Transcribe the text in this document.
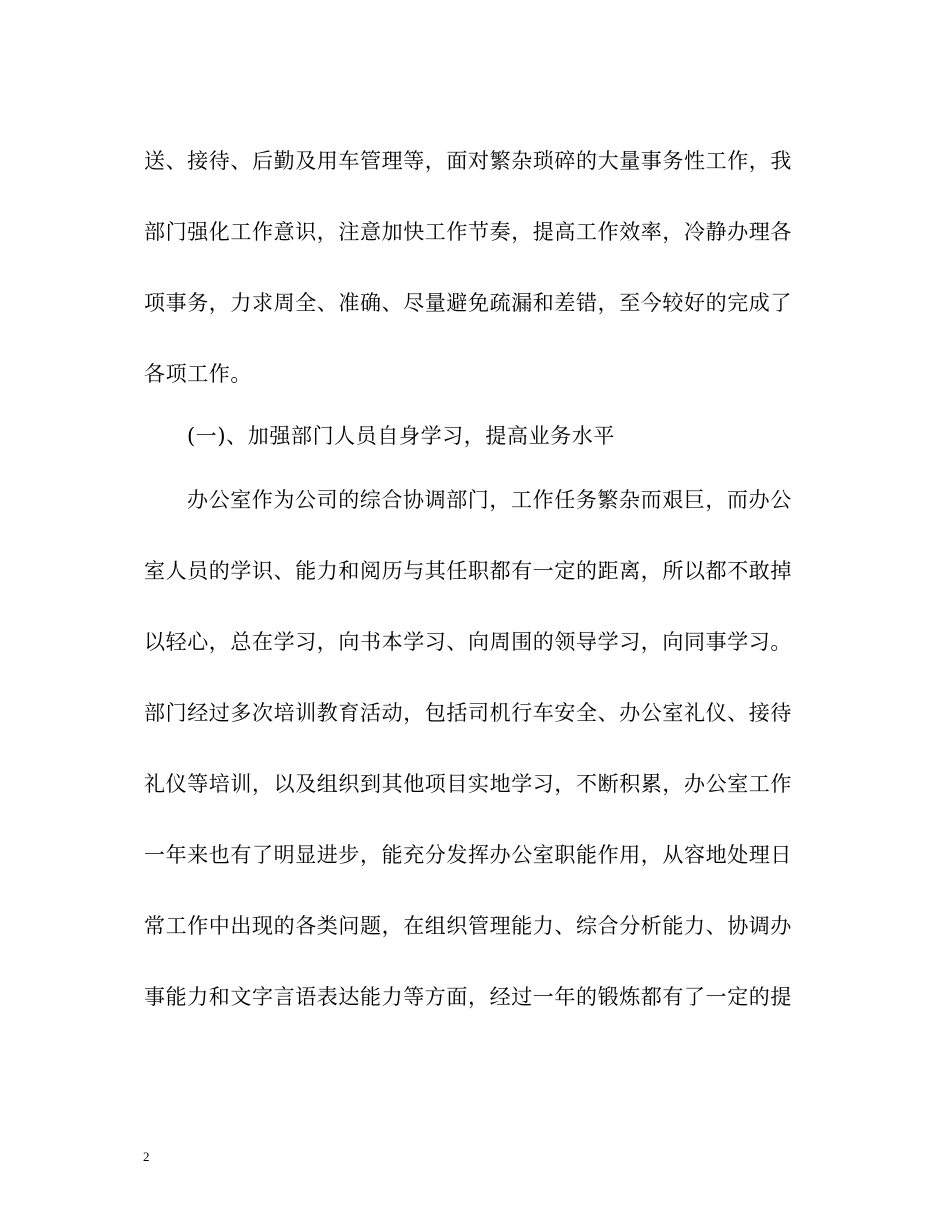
送、接待、后勤及用车管理等，面对繁杂琐碎的大量事务性工作，我
部门强化工作意识，注意加快工作节奏，提高工作效率，冷静办理各
项事务，力求周全、准确、尽量避免疏漏和差错，至今较好的完成了
各项工作。
(一)、加强部门人员自身学习，提高业务水平
办公室作为公司的综合协调部门，工作任务繁杂而艰巨，而办公
室人员的学识、能力和阅历与其任职都有一定的距离，所以都不敢掉
以轻心，总在学习，向书本学习、向周围的领导学习，向同事学习。
部门经过多次培训教育活动，包括司机行车安全、办公室礼仪、接待
礼仪等培训，以及组织到其他项目实地学习，不断积累，办公室工作
一年来也有了明显进步，能充分发挥办公室职能作用，从容地处理日
常工作中出现的各类问题，在组织管理能力、综合分析能力、协调办
事能力和文字言语表达能力等方面，经过一年的锻炼都有了一定的提
2
